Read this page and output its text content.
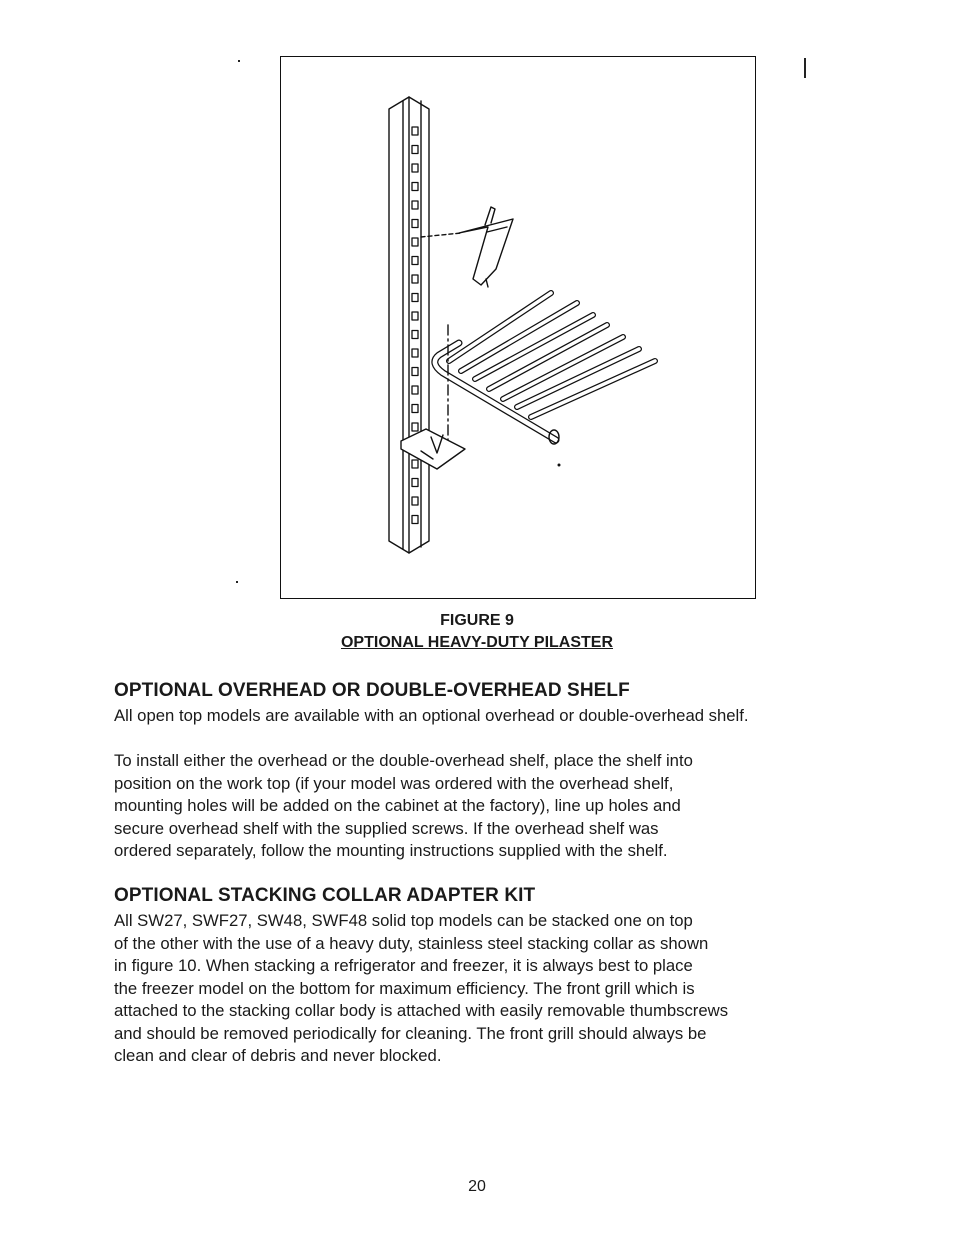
FIGURE 9
OPTIONAL HEAVY-DUTY PILASTER
OPTIONAL OVERHEAD OR DOUBLE-OVERHEAD SHELF
All open top models are available with an optional overhead or double-overhead shelf.
To install either the overhead or the double-overhead shelf, place the shelf into
position on the work top (if your model was ordered with the overhead shelf,
mounting holes will be added on the cabinet at the factory), line up holes and
secure overhead shelf with the supplied screws. If the overhead shelf was
ordered separately, follow the mounting instructions supplied with the shelf.
OPTIONAL STACKING COLLAR ADAPTER KIT
All SW27, SWF27, SW48, SWF48 solid top models can be stacked one on top
of the other with the use of a heavy duty, stainless steel stacking collar as shown
in figure 10. When stacking a refrigerator and freezer, it is always best to place
the freezer model on the bottom for maximum efficiency. The front grill which is
attached to the stacking collar body is attached with easily removable thumbscrews
and should be removed periodically for cleaning. The front grill should always be
clean and clear of debris and never blocked.
20
